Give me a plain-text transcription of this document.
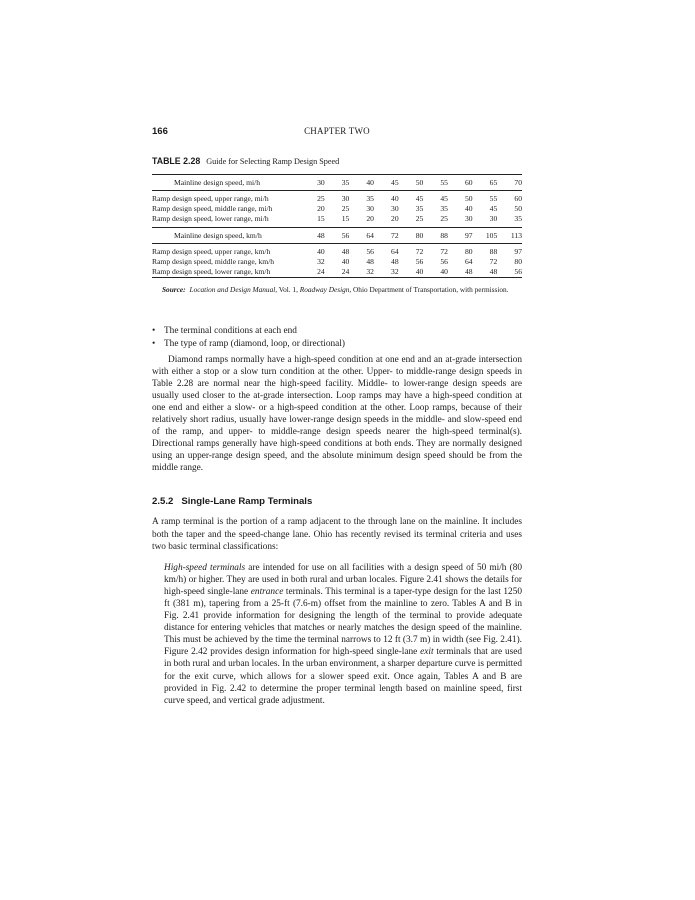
166	CHAPTER TWO
TABLE 2.28 Guide for Selecting Ramp Design Speed
Mainline design speed, mi/h	30	35	40	45	50	55	60	65	70

Ramp design speed, upper range, mi/h	25	30	35	40	45	45	50	55	60
Ramp design speed, middle range, mi/h	20	25	30	30	35	35	40	45	50
Ramp design speed, lower range, mi/h	15	15	20	20	25	25	30	30	35

Mainline design speed, km/h	48	56	64	72	80	88	97	105	113

Ramp design speed, upper range, km/h	40	48	56	64	72	72	80	88	97
Ramp design speed, middle range, km/h	32	40	48	48	56	56	64	72	80
Ramp design speed, lower range, km/h	24	24	32	32	40	40	48	48	56
Source: Location and Design Manual, Vol. 1, Roadway Design, Ohio Department of Transportation, with permission.
• The terminal conditions at each end
• The type of ramp (diamond, loop, or directional)

Diamond ramps normally have a high-speed condition at one end and an at-grade intersection with either a stop or a slow turn condition at the other. Upper- to middle-range design speeds in Table 2.28 are normal near the high-speed facility. Middle- to lower-range design speeds are usually used closer to the at-grade intersection. Loop ramps may have a high-speed condition at one end and either a slow- or a high-speed condition at the other. Loop ramps, because of their relatively short radius, usually have lower-range design speeds in the middle- and slow-speed end of the ramp, and upper- to middle-range design speeds nearer the high-speed terminal(s). Directional ramps generally have high-speed conditions at both ends. They are normally designed using an upper-range design speed, and the absolute minimum design speed should be from the middle range.

2.5.2 Single-Lane Ramp Terminals

A ramp terminal is the portion of a ramp adjacent to the through lane on the mainline. It includes both the taper and the speed-change lane. Ohio has recently revised its terminal criteria and uses two basic terminal classifications:

High-speed terminals are intended for use on all facilities with a design speed of 50 mi/h (80 km/h) or higher. They are used in both rural and urban locales. Figure 2.41 shows the details for high-speed single-lane entrance terminals. This terminal is a taper-type design for the last 1250 ft (381 m), tapering from a 25-ft (7.6-m) offset from the mainline to zero. Tables A and B in Fig. 2.41 provide information for designing the length of the terminal to provide adequate distance for entering vehicles that matches or nearly matches the design speed of the mainline. This must be achieved by the time the terminal narrows to 12 ft (3.7 m) in width (see Fig. 2.41). Figure 2.42 provides design information for high-speed single-lane exit terminals that are used in both rural and urban locales. In the urban environment, a sharper departure curve is permitted for the exit curve, which allows for a slower speed exit. Once again, Tables A and B are provided in Fig. 2.42 to determine the proper terminal length based on mainline speed, first curve speed, and vertical grade adjustment.
